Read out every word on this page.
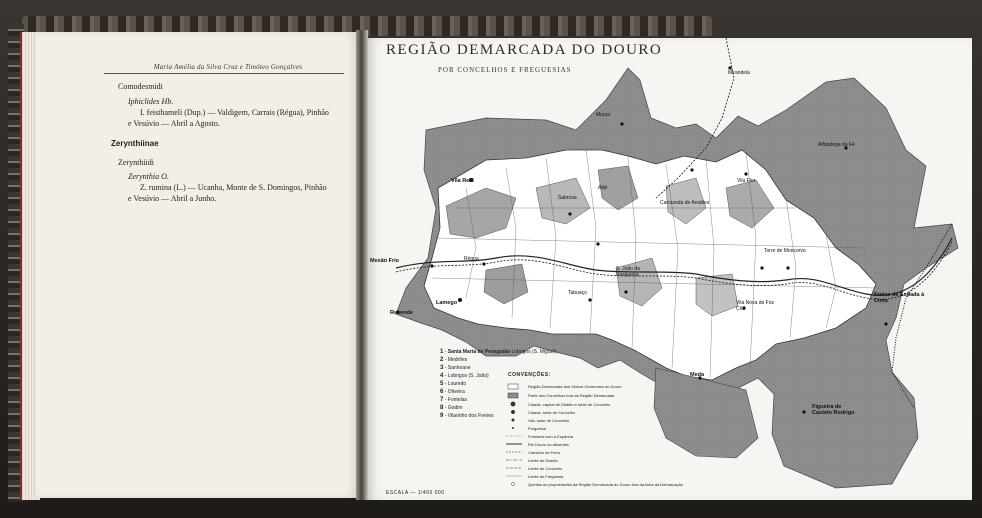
Maria Amélia da Silva Cruz e Timóteo Gonçalves
Comodesmidi
Iphiclides Hb.
I. feisthameli (Dup.) — Valdigem, Carrais (Régua), Pinhão
e Vesúvio — Abril a Agosto.
Zerynthiinae
Zerynthiidi
Zerynthia O.
Z. rumina (L.) — Ucanha, Monte de S. Domingos, Pinhão
e Vesúvio — Abril a Junho.
REGIÃO DEMARCADA DO DOURO
POR CONCELHOS E FREGUESIAS	Mirandela
Vila Real
Sabrosa
Alijó
Murça
Carrazeda de Ansiães
Vila Flor
Alfândega da Fé
Torre de Moncorvo
Freixo de Espada à Cinta
Mesão Frio
Resende
Lamego
Régua
Tabuaço
S. João da Pesqueira
Vila Nova de Foz Côa
Meda
Figueira de Castelo Rodrigo
1 - Santa Marta de Penaguião Lobrigos (S. Miguel)
2 - Medrões
3 - Sanhoane
4 - Lobrigos (S. João)
5 - Louredo
6 - Oliveira
7 - Fontelas
8 - Godim
9 - Vilarinho dos Freires
CONVENÇÕES:
Região Demarcada dos Vinhos Generosos do Douro
Parte dos Concelhos fora da Região Demarcada
Cidade, capital de Distrito e sede de Concelho
Cidade, sede de Concelho
Vila, sede de Concelho
Freguesia
Fronteira com a Espanha
Rio Douro ou afluentes
Caminho de Ferro
Limite de Distrito
Limite de Concelho
Limite de Freguesia
Quintas ou propriedades da Região Demarcada do Douro fora da linha da Demarcação
ESCALA — 1/400 000
